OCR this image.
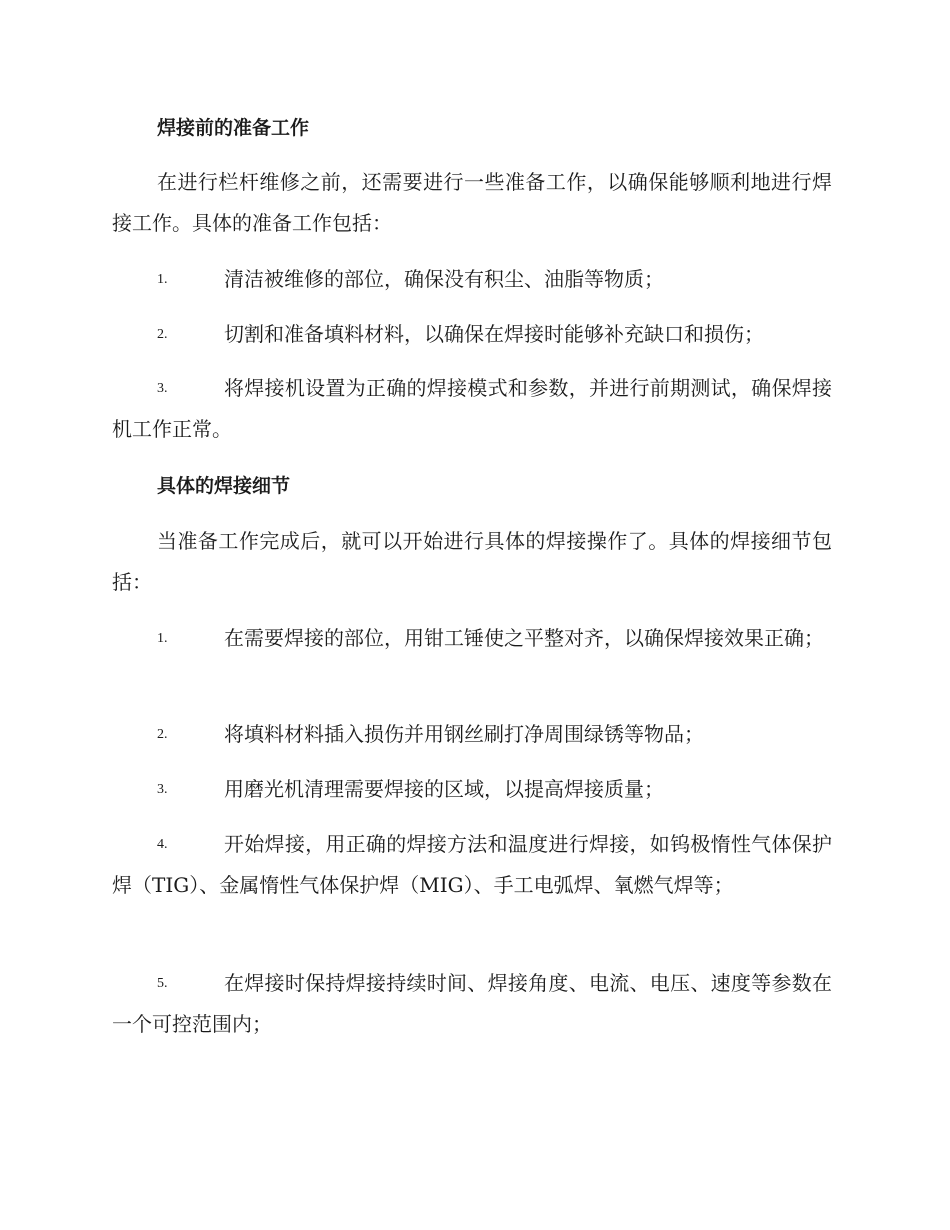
焊接前的准备工作

在进行栏杆维修之前，还需要进行一些准备工作，以确保能够顺利地进行焊接工作。具体的准备工作包括：

1.	清洁被维修的部位，确保没有积尘、油脂等物质；
2.	切割和准备填料材料，以确保在焊接时能够补充缺口和损伤；
3.	将焊接机设置为正确的焊接模式和参数，并进行前期测试，确保焊接机工作正常。
具体的焊接细节

当准备工作完成后，就可以开始进行具体的焊接操作了。具体的焊接细节包括：

1.	在需要焊接的部位，用钳工锤使之平整对齐，以确保焊接效果正确；
2.	将填料材料插入损伤并用钢丝刷打净周围绿锈等物品；
3.	用磨光机清理需要焊接的区域，以提高焊接质量；
4.	开始焊接，用正确的焊接方法和温度进行焊接，如钨极惰性气体保护焊（TIG）、金属惰性气体保护焊（MIG）、手工电弧焊、氧燃气焊等；
5.	在焊接时保持焊接持续时间、焊接角度、电流、电压、速度等参数在一个可控范围内；
